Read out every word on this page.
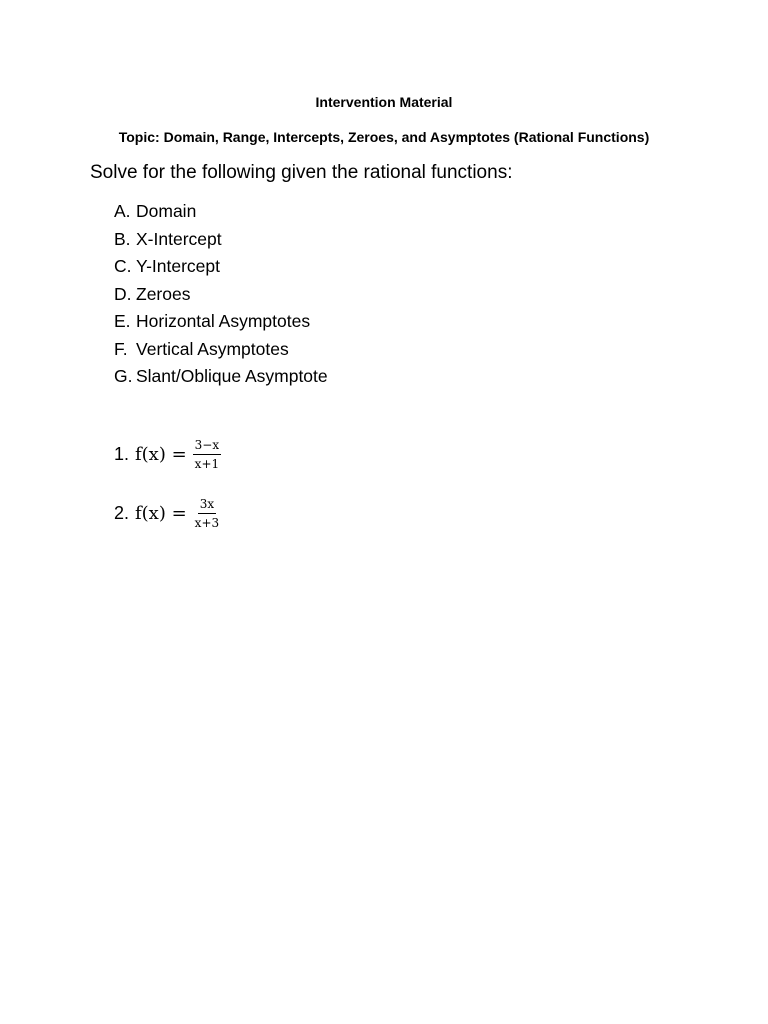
Intervention Material
Topic: Domain, Range, Intercepts, Zeroes, and Asymptotes (Rational Functions)
Solve for the following given the rational functions:
A. Domain
B. X-Intercept
C. Y-Intercept
D. Zeroes
E. Horizontal Asymptotes
F. Vertical Asymptotes
G. Slant/Oblique Asymptote
1. $f(x) = \frac{3-x}{x+1}$
2. $f(x) = \frac{3x}{x+3}$
